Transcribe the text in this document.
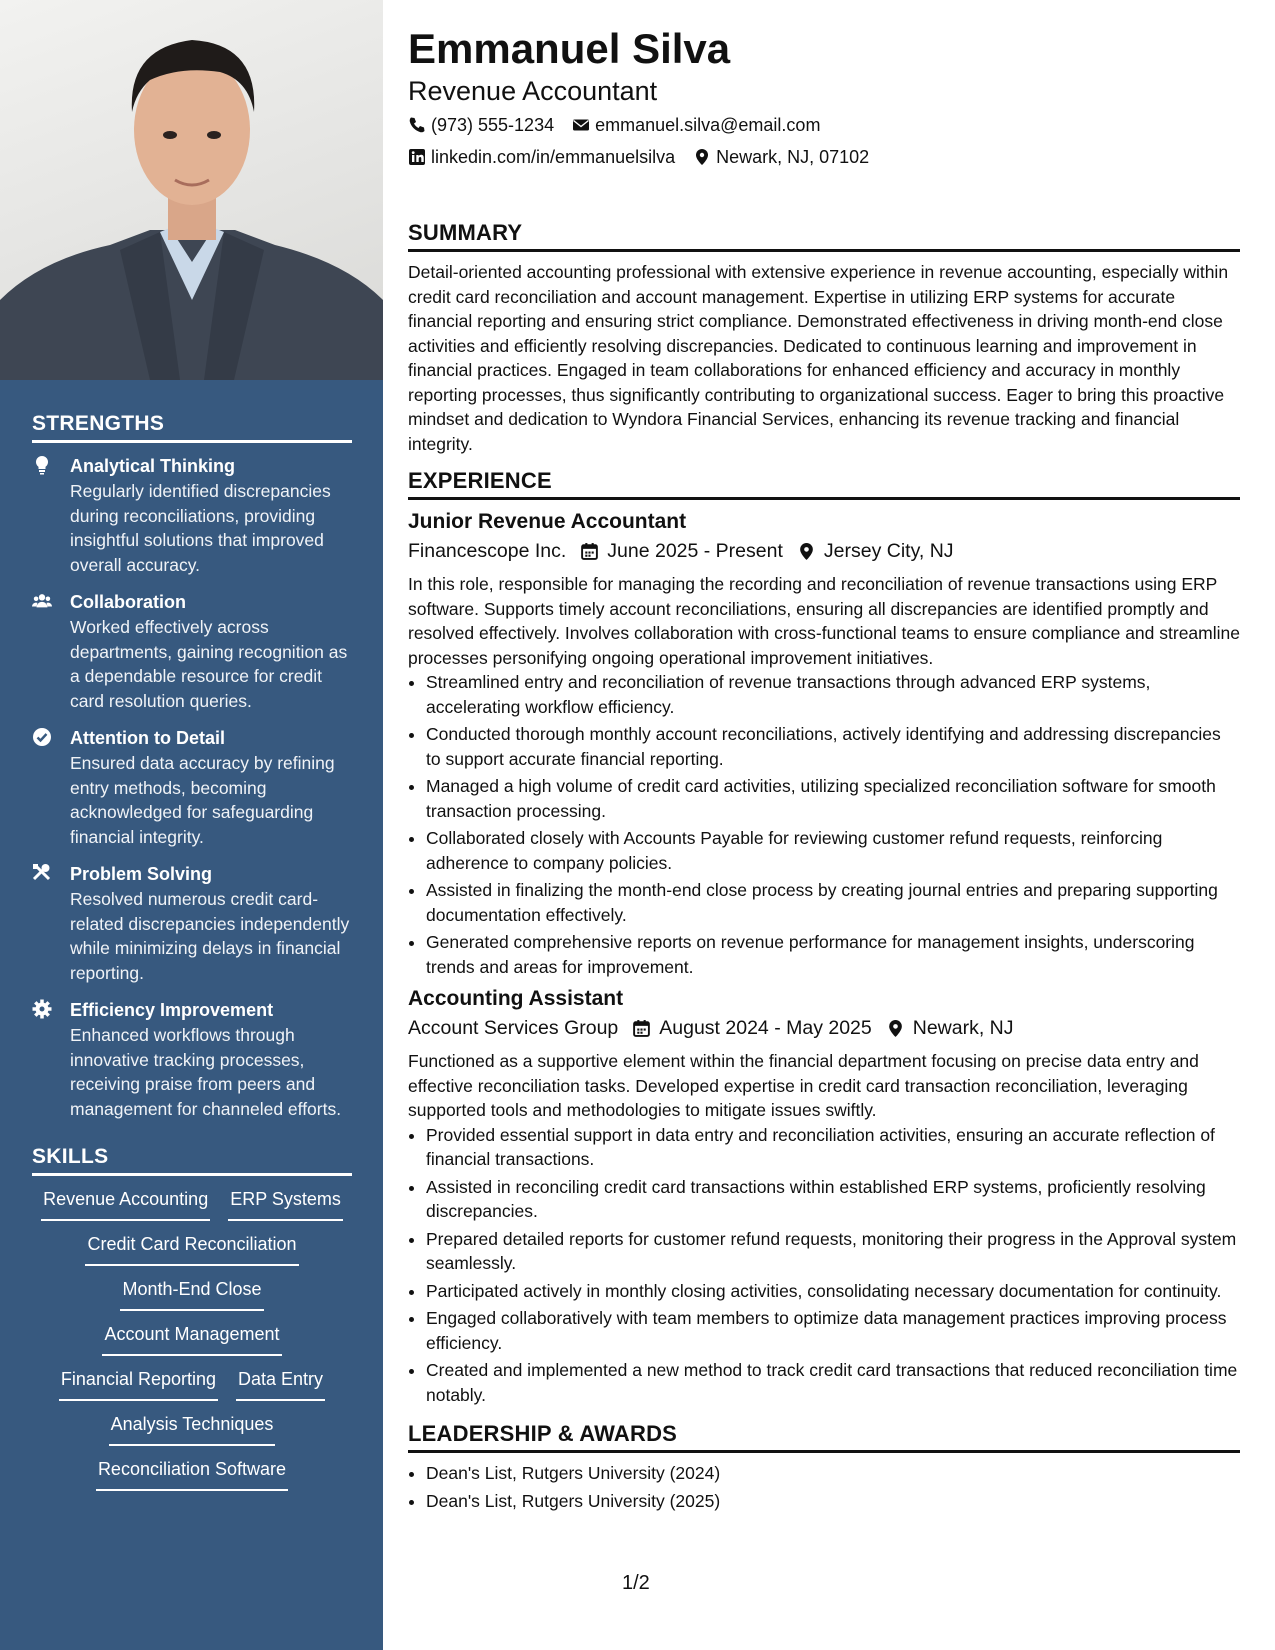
STRENGTHS
Analytical Thinking
Regularly identified discrepancies during reconciliations, providing insightful solutions that improved overall accuracy.
Collaboration
Worked effectively across departments, gaining recognition as a dependable resource for credit card resolution queries.
Attention to Detail
Ensured data accuracy by refining entry methods, becoming acknowledged for safeguarding financial integrity.
Problem Solving
Resolved numerous credit card-related discrepancies independently while minimizing delays in financial reporting.
Efficiency Improvement
Enhanced workflows through innovative tracking processes, receiving praise from peers and management for channeled efforts.
SKILLS
Revenue Accounting ERP Systems
Credit Card Reconciliation
Month-End Close
Account Management
Financial Reporting Data Entry
Analysis Techniques
Reconciliation Software
Emmanuel Silva
Revenue Accountant
(973) 555-1234 emmanuel.silva@email.com
linkedin.com/in/emmanuelsilva Newark, NJ, 07102
SUMMARY
Detail-oriented accounting professional with extensive experience in revenue accounting, especially within credit card reconciliation and account management. Expertise in utilizing ERP systems for accurate financial reporting and ensuring strict compliance. Demonstrated effectiveness in driving month-end close activities and efficiently resolving discrepancies. Dedicated to continuous learning and improvement in financial practices. Engaged in team collaborations for enhanced efficiency and accuracy in monthly reporting processes, thus significantly contributing to organizational success. Eager to bring this proactive mindset and dedication to Wyndora Financial Services, enhancing its revenue tracking and financial integrity.
EXPERIENCE
Junior Revenue Accountant
Financescope Inc. June 2025 - Present Jersey City, NJ
In this role, responsible for managing the recording and reconciliation of revenue transactions using ERP software. Supports timely account reconciliations, ensuring all discrepancies are identified promptly and resolved effectively. Involves collaboration with cross-functional teams to ensure compliance and streamline processes personifying ongoing operational improvement initiatives.
• Streamlined entry and reconciliation of revenue transactions through advanced ERP systems, accelerating workflow efficiency.
• Conducted thorough monthly account reconciliations, actively identifying and addressing discrepancies to support accurate financial reporting.
• Managed a high volume of credit card activities, utilizing specialized reconciliation software for smooth transaction processing.
• Collaborated closely with Accounts Payable for reviewing customer refund requests, reinforcing adherence to company policies.
• Assisted in finalizing the month-end close process by creating journal entries and preparing supporting documentation effectively.
• Generated comprehensive reports on revenue performance for management insights, underscoring trends and areas for improvement.
Accounting Assistant
Account Services Group August 2024 - May 2025 Newark, NJ
Functioned as a supportive element within the financial department focusing on precise data entry and effective reconciliation tasks. Developed expertise in credit card transaction reconciliation, leveraging supported tools and methodologies to mitigate issues swiftly.
• Provided essential support in data entry and reconciliation activities, ensuring an accurate reflection of financial transactions.
• Assisted in reconciling credit card transactions within established ERP systems, proficiently resolving discrepancies.
• Prepared detailed reports for customer refund requests, monitoring their progress in the Approval system seamlessly.
• Participated actively in monthly closing activities, consolidating necessary documentation for continuity.
• Engaged collaboratively with team members to optimize data management practices improving process efficiency.
• Created and implemented a new method to track credit card transactions that reduced reconciliation time notably.
LEADERSHIP & AWARDS
• Dean's List, Rutgers University (2024)
• Dean's List, Rutgers University (2025)
1/2
